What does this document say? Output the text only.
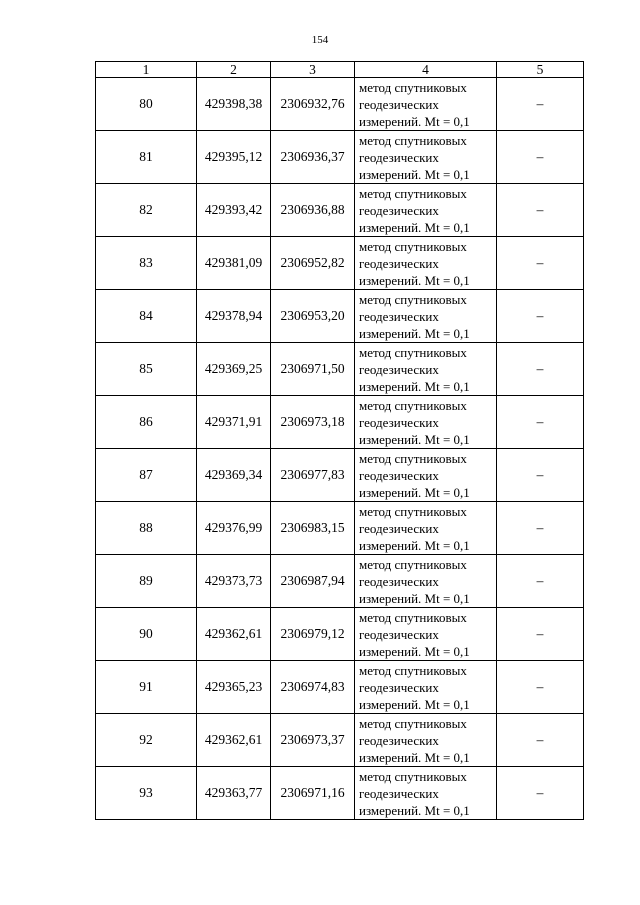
154
1	2	3	4	5
80	429398,38	2306932,76	метод спутниковых
геодезических
измерений. Mt = 0,1	–
81	429395,12	2306936,37	метод спутниковых
геодезических
измерений. Mt = 0,1	–
82	429393,42	2306936,88	метод спутниковых
геодезических
измерений. Mt = 0,1	–
83	429381,09	2306952,82	метод спутниковых
геодезических
измерений. Mt = 0,1	–
84	429378,94	2306953,20	метод спутниковых
геодезических
измерений. Mt = 0,1	–
85	429369,25	2306971,50	метод спутниковых
геодезических
измерений. Mt = 0,1	–
86	429371,91	2306973,18	метод спутниковых
геодезических
измерений. Mt = 0,1	–
87	429369,34	2306977,83	метод спутниковых
геодезических
измерений. Mt = 0,1	–
88	429376,99	2306983,15	метод спутниковых
геодезических
измерений. Mt = 0,1	–
89	429373,73	2306987,94	метод спутниковых
геодезических
измерений. Mt = 0,1	–
90	429362,61	2306979,12	метод спутниковых
геодезических
измерений. Mt = 0,1	–
91	429365,23	2306974,83	метод спутниковых
геодезических
измерений. Mt = 0,1	–
92	429362,61	2306973,37	метод спутниковых
геодезических
измерений. Mt = 0,1	–
93	429363,77	2306971,16	метод спутниковых
геодезических
измерений. Mt = 0,1	–
